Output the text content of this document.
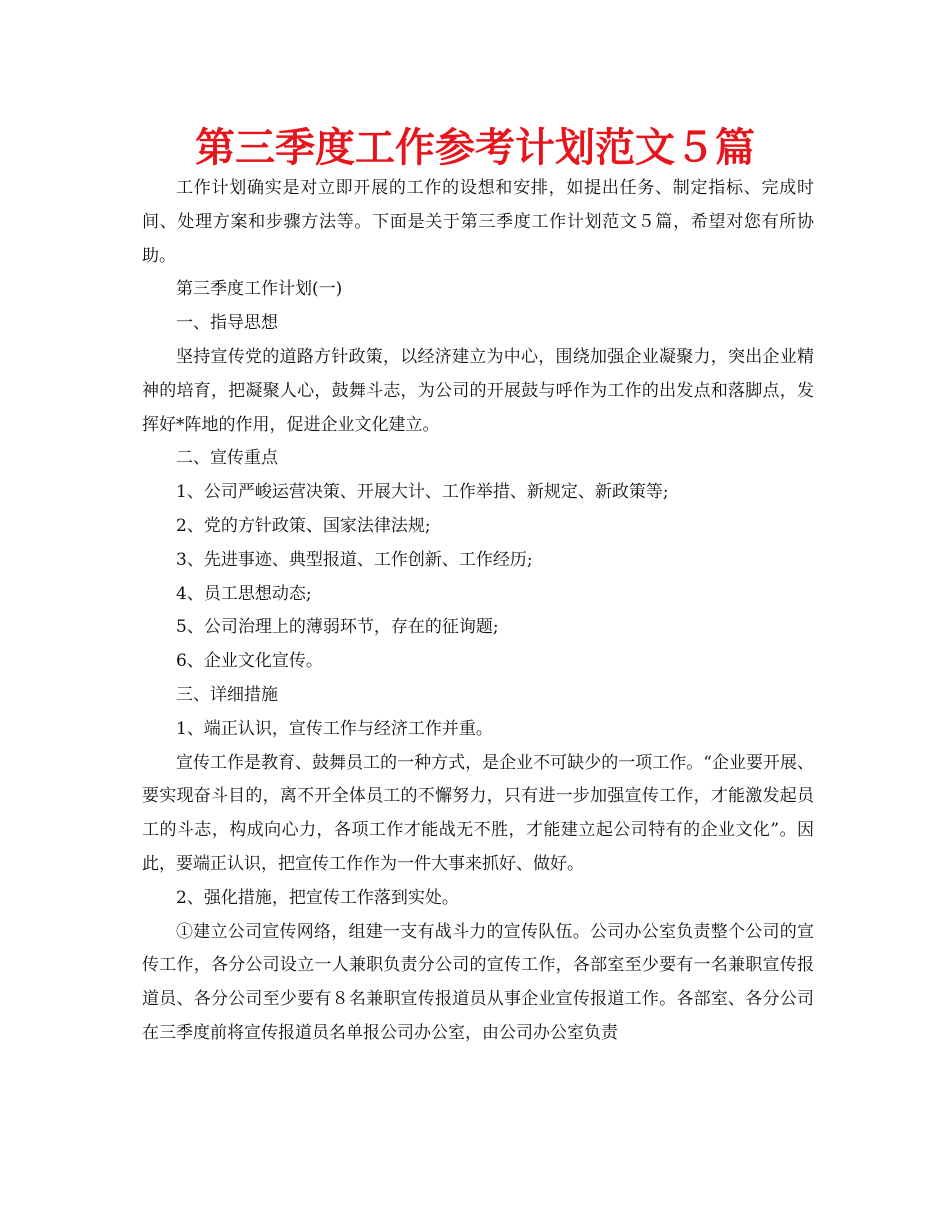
第三季度工作参考计划范文５篇

工作计划确实是对立即开展的工作的设想和安排，如提出任务、制定指标、完成时间、处理方案和步骤方法等。下面是关于第三季度工作计划范文５篇，希望对您有所协助。

第三季度工作计划(一)

一、指导思想

坚持宣传党的道路方针政策，以经济建立为中心，围绕加强企业凝聚力，突出企业精神的培育，把凝聚人心，鼓舞斗志，为公司的开展鼓与呼作为工作的出发点和落脚点，发挥好*阵地的作用，促进企业文化建立。

二、宣传重点

1、公司严峻运营决策、开展大计、工作举措、新规定、新政策等;

2、党的方针政策、国家法律法规;

3、先进事迹、典型报道、工作创新、工作经历;

4、员工思想动态;

5、公司治理上的薄弱环节，存在的征询题;

6、企业文化宣传。

三、详细措施

1、端正认识，宣传工作与经济工作并重。

宣传工作是教育、鼓舞员工的一种方式，是企业不可缺少的一项工作。“企业要开展、要实现奋斗目的，离不开全体员工的不懈努力，只有进一步加强宣传工作，才能激发起员工的斗志，构成向心力，各项工作才能战无不胜，才能建立起公司特有的企业文化”。因此，要端正认识，把宣传工作作为一件大事来抓好、做好。

2、强化措施，把宣传工作落到实处。

①建立公司宣传网络，组建一支有战斗力的宣传队伍。公司办公室负责整个公司的宣传工作，各分公司设立一人兼职负责分公司的宣传工作，各部室至少要有一名兼职宣传报道员、各分公司至少要有８名兼职宣传报道员从事企业宣传报道工作。各部室、各分公司在三季度前将宣传报道员名单报公司办公室，由公司办公室负责
